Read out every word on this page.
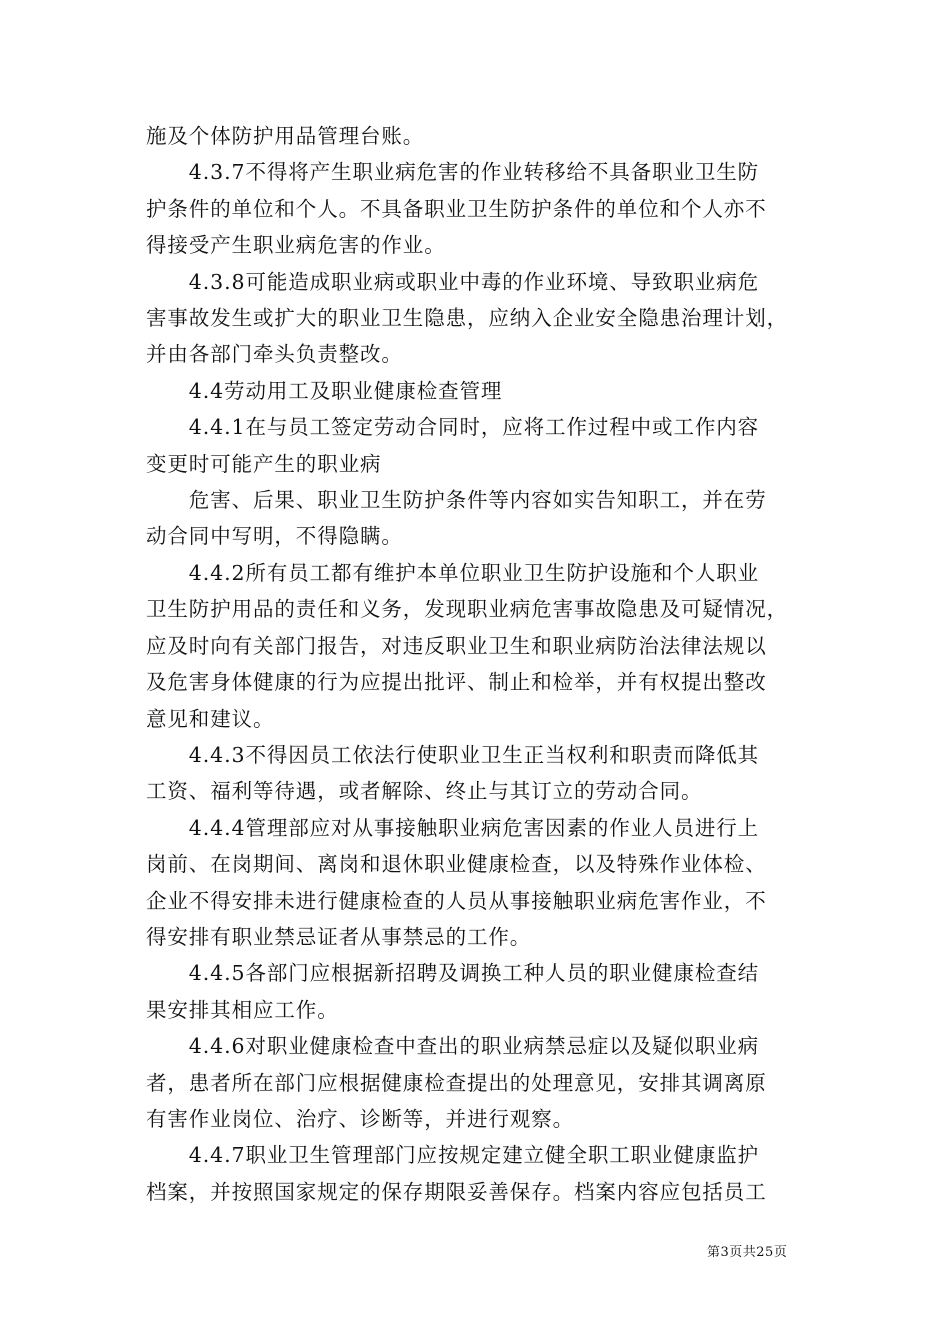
施及个体防护用品管理台账。

　　4.3.7不得将产生职业病危害的作业转移给不具备职业卫生防

护条件的单位和个人。不具备职业卫生防护条件的单位和个人亦不

得接受产生职业病危害的作业。

　　4.3.8可能造成职业病或职业中毒的作业环境、导致职业病危

害事故发生或扩大的职业卫生隐患，应纳入企业安全隐患治理计划，

并由各部门牵头负责整改。

　　4.4劳动用工及职业健康检查管理

　　4.4.1在与员工签定劳动合同时，应将工作过程中或工作内容

变更时可能产生的职业病

　　危害、后果、职业卫生防护条件等内容如实告知职工，并在劳

动合同中写明，不得隐瞒。

　　4.4.2所有员工都有维护本单位职业卫生防护设施和个人职业

卫生防护用品的责任和义务，发现职业病危害事故隐患及可疑情况，

应及时向有关部门报告，对违反职业卫生和职业病防治法律法规以

及危害身体健康的行为应提出批评、制止和检举，并有权提出整改

意见和建议。

　　4.4.3不得因员工依法行使职业卫生正当权利和职责而降低其

工资、福利等待遇，或者解除、终止与其订立的劳动合同。

　　4.4.4管理部应对从事接触职业病危害因素的作业人员进行上

岗前、在岗期间、离岗和退休职业健康检查，以及特殊作业体检、

企业不得安排未进行健康检查的人员从事接触职业病危害作业，不

得安排有职业禁忌证者从事禁忌的工作。

　　4.4.5各部门应根据新招聘及调换工种人员的职业健康检查结

果安排其相应工作。

　　4.4.6对职业健康检查中查出的职业病禁忌症以及疑似职业病

者，患者所在部门应根据健康检查提出的处理意见，安排其调离原

有害作业岗位、治疗、诊断等，并进行观察。

　　4.4.7职业卫生管理部门应按规定建立健全职工职业健康监护

档案，并按照国家规定的保存期限妥善保存。档案内容应包括员工

第3页共25页
